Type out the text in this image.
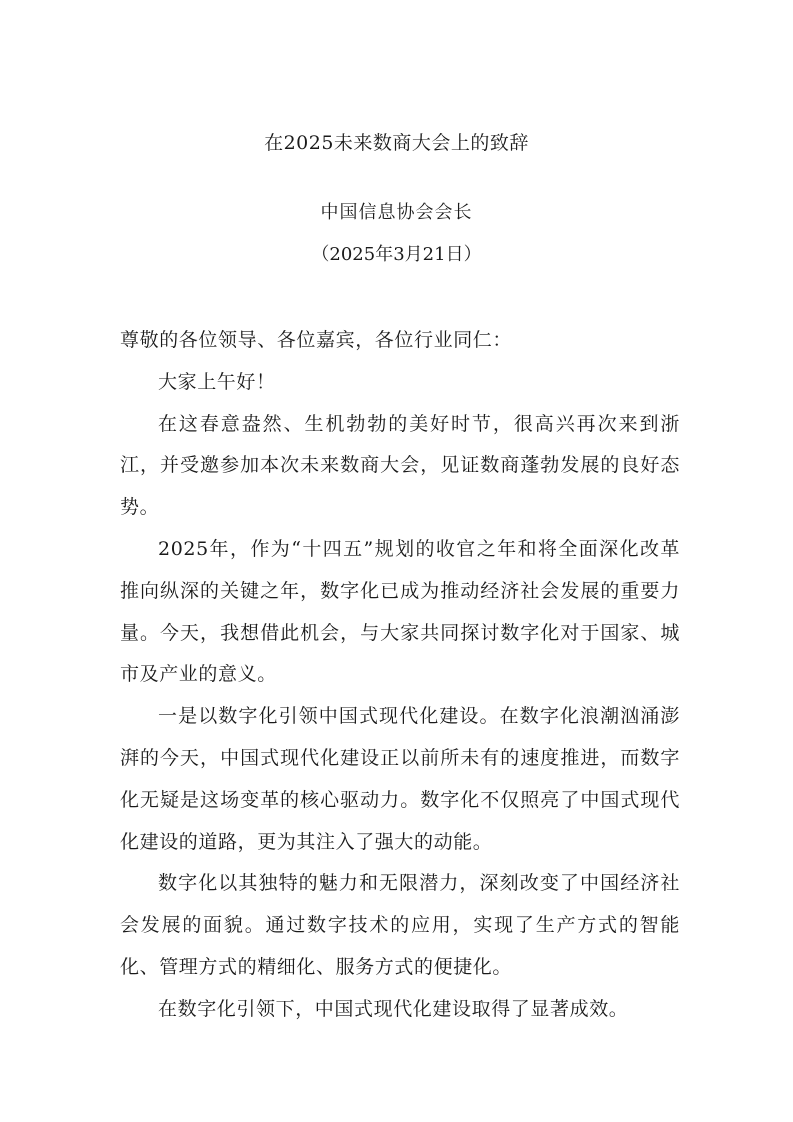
在2025未来数商大会上的致辞
中国信息协会会长
（2025年3月21日）

尊敬的各位领导、各位嘉宾，各位行业同仁：

大家上午好！

在这春意盎然、生机勃勃的美好时节，很高兴再次来到浙江，并受邀参加本次未来数商大会，见证数商蓬勃发展的良好态势。

2025年，作为“十四五”规划的收官之年和将全面深化改革推向纵深的关键之年，数字化已成为推动经济社会发展的重要力量。今天，我想借此机会，与大家共同探讨数字化对于国家、城市及产业的意义。

一是以数字化引领中国式现代化建设。在数字化浪潮汹涌澎湃的今天，中国式现代化建设正以前所未有的速度推进，而数字化无疑是这场变革的核心驱动力。数字化不仅照亮了中国式现代化建设的道路，更为其注入了强大的动能。

数字化以其独特的魅力和无限潜力，深刻改变了中国经济社会发展的面貌。通过数字技术的应用，实现了生产方式的智能化、管理方式的精细化、服务方式的便捷化。

在数字化引领下，中国式现代化建设取得了显著成效。
